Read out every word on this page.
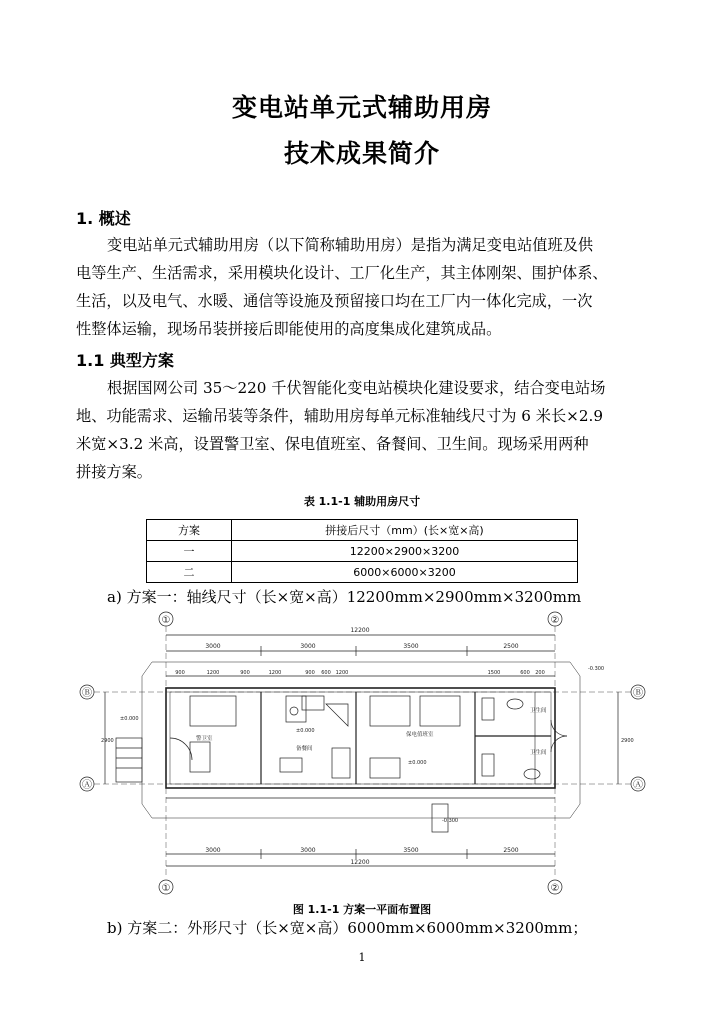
变电站单元式辅助用房
技术成果简介
1. 概述
变电站单元式辅助用房（以下简称辅助用房）是指为满足变电站值班及供
电等生产、生活需求，采用模块化设计、工厂化生产，其主体刚架、围护体系、
生活，以及电气、水暖、通信等设施及预留接口均在工厂内一体化完成，一次
性整体运输，现场吊装拼接后即能使用的高度集成化建筑成品。
1.1 典型方案
根据国网公司 35～220 千伏智能化变电站模块化建设要求，结合变电站场
地、功能需求、运输吊装等条件，辅助用房每单元标准轴线尺寸为 6 米长×2.9
米宽×3.2 米高，设置警卫室、保电值班室、备餐间、卫生间。现场采用两种
拼接方案。
表 1.1-1 辅助用房尺寸
方案	拼接后尺寸（mm）(长×宽×高)
一	12200×2900×3200
二	6000×6000×3200
a) 方案一：轴线尺寸（长×宽×高）12200mm×2900mm×3200mm
①	②
12200
3000	3000	3500	2500
900	1200	900	1200	900 600 1200	1500	600 200
Ⓑ
Ⓐ
Ⓑ
Ⓐ
2900	2900
警卫室
备餐间
保电值班室
卫生间
卫生间
-0.300
±0.000
±0.000
±0.000
-0.300
3000	3000	3500	2500
12200
①	②
图 1.1-1 方案一平面布置图
b) 方案二：外形尺寸（长×宽×高）6000mm×6000mm×3200mm；
1
